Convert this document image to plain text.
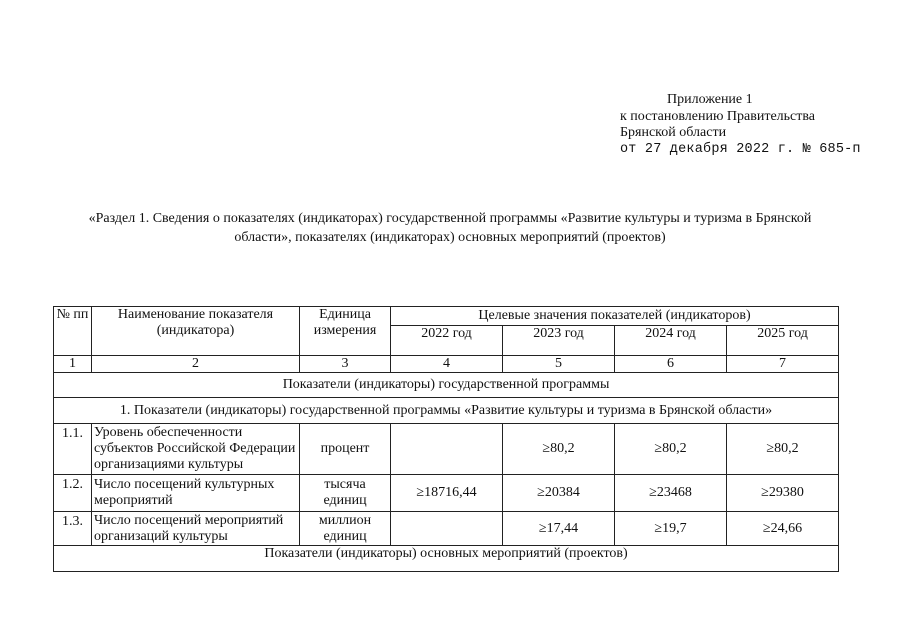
Приложение 1
к постановлению Правительства
Брянской области
от 27 декабря 2022 г. № 685-п
«Раздел 1. Сведения о показателях (индикаторах) государственной программы «Развитие культуры и туризма в Брянской
области», показателях (индикаторах) основных мероприятий (проектов)
№ пп	Наименование показателя (индикатора)	Единица измерения	Целевые значения показателей (индикаторов)			
			2022 год	2023 год	2024 год	2025 год
1	2	3	4	5	6	7
Показатели (индикаторы) государственной программы						
1. Показатели (индикаторы) государственной программы «Развитие культуры и туризма в Брянской области»						
1.1.	Уровень обеспеченности субъектов Российской Федерации организациями культуры	процент		≥80,2	≥80,2	≥80,2
1.2.	Число посещений культурных мероприятий	тысяча единиц	≥18716,44	≥20384	≥23468	≥29380
1.3.	Число посещений мероприятий организаций культуры	миллион единиц		≥17,44	≥19,7	≥24,66
Показатели (индикаторы) основных мероприятий (проектов)						
